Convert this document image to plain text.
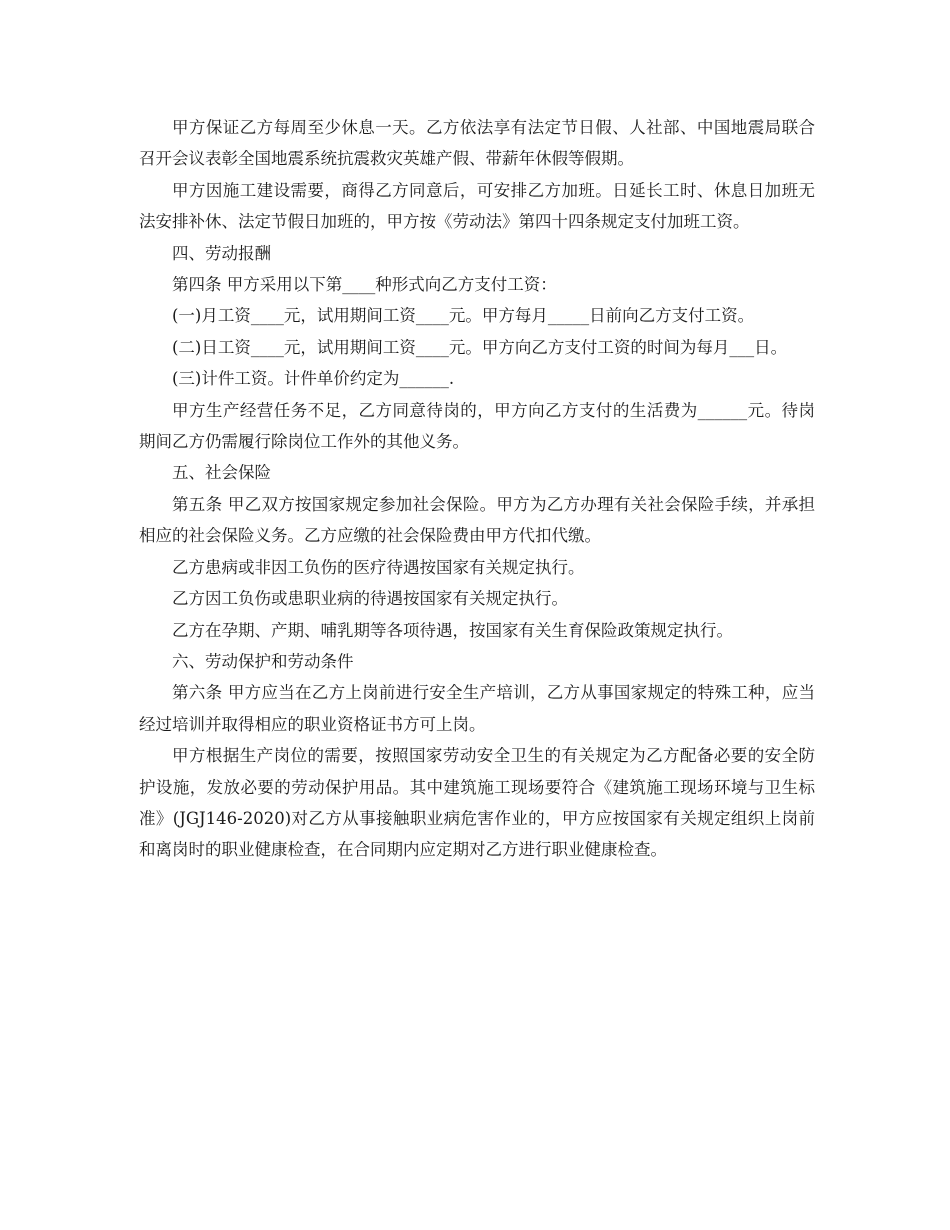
甲方保证乙方每周至少休息一天。乙方依法享有法定节日假、人社部、中国地震局联合召开会议表彰全国地震系统抗震救灾英雄产假、带薪年休假等假期。

甲方因施工建设需要，商得乙方同意后，可安排乙方加班。日延长工时、休息日加班无法安排补休、法定节假日加班的，甲方按《劳动法》第四十四条规定支付加班工资。

四、劳动报酬

第四条 甲方采用以下第____种形式向乙方支付工资：

(一)月工资____元，试用期间工资____元。甲方每月_____日前向乙方支付工资。

(二)日工资____元，试用期间工资____元。甲方向乙方支付工资的时间为每月___日。

(三)计件工资。计件单价约定为______.

甲方生产经营任务不足，乙方同意待岗的，甲方向乙方支付的生活费为______元。待岗期间乙方仍需履行除岗位工作外的其他义务。

五、社会保险

第五条 甲乙双方按国家规定参加社会保险。甲方为乙方办理有关社会保险手续，并承担相应的社会保险义务。乙方应缴的社会保险费由甲方代扣代缴。

乙方患病或非因工负伤的医疗待遇按国家有关规定执行。

乙方因工负伤或患职业病的待遇按国家有关规定执行。

乙方在孕期、产期、哺乳期等各项待遇，按国家有关生育保险政策规定执行。

六、劳动保护和劳动条件

第六条 甲方应当在乙方上岗前进行安全生产培训，乙方从事国家规定的特殊工种，应当经过培训并取得相应的职业资格证书方可上岗。

甲方根据生产岗位的需要，按照国家劳动安全卫生的有关规定为乙方配备必要的安全防护设施，发放必要的劳动保护用品。其中建筑施工现场要符合《建筑施工现场环境与卫生标准》(JGJ146-2020)对乙方从事接触职业病危害作业的，甲方应按国家有关规定组织上岗前和离岗时的职业健康检查，在合同期内应定期对乙方进行职业健康检查。
